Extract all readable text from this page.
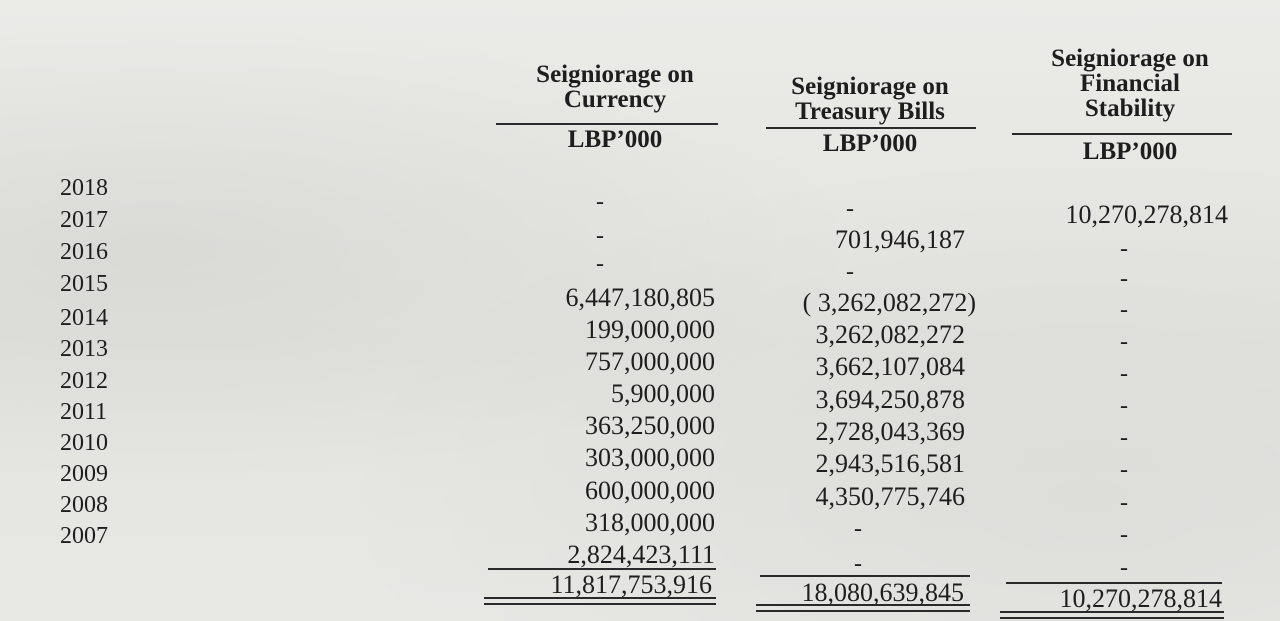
Seigniorage on
Currency
LBP’000
Seigniorage on
Treasury Bills
LBP’000
Seigniorage on
Financial
Stability
LBP’000
2018
2017
2016
2015
2014
2013
2012
2011
2010
2009
2008
2007
-
-
-
6,447,180,805
199,000,000
757,000,000
5,900,000
363,250,000
303,000,000
600,000,000
318,000,000
2,824,423,111
-
701,946,187
-
( 3,262,082,272)
3,262,082,272
3,662,107,084
3,694,250,878
2,728,043,369
2,943,516,581
4,350,775,746
-
-
10,270,278,814
-
-
-
-
-
-
-
-
-
-
-
11,817,753,916	18,080,639,845	10,270,278,814
